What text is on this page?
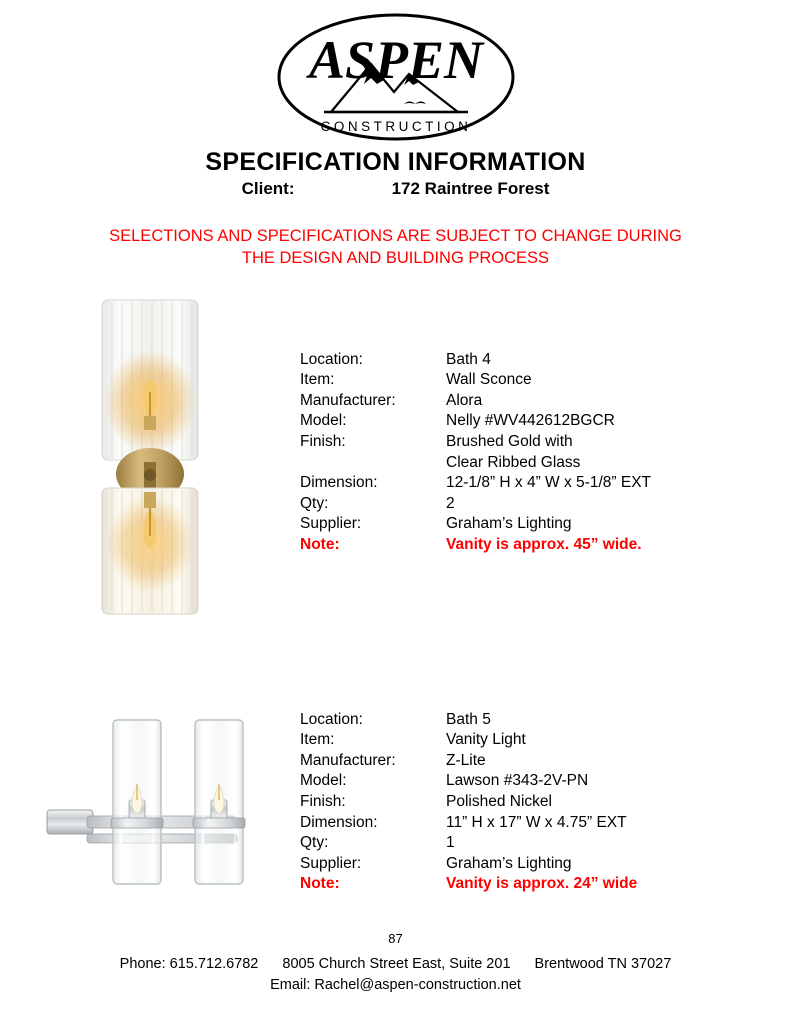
ASPEN
CONSTRUCTION
SPECIFICATION INFORMATION
Client:	172 Raintree Forest
SELECTIONS AND SPECIFICATIONS ARE SUBJECT TO CHANGE DURING
THE DESIGN AND BUILDING PROCESS
Location:	Bath 4
Item:	Wall Sconce
Manufacturer:	Alora
Model:	Nelly #WV442612BGCR
Finish:	Brushed Gold with
	Clear Ribbed Glass
Dimension:	12-1/8” H x 4” W x 5-1/8” EXT
Qty:	2
Supplier:	Graham’s Lighting
Note:	Vanity is approx. 45” wide.
Location:	Bath 5
Item:	Vanity Light
Manufacturer:	Z-Lite
Model:	Lawson #343-2V-PN
Finish:	Polished Nickel
Dimension:	11” H x 17” W x 4.75” EXT
Qty:	1
Supplier:	Graham’s Lighting
Note:	Vanity is approx. 24” wide
87
Phone: 615.712.6782 8005 Church Street East, Suite 201 Brentwood TN 37027
Email: Rachel@aspen-construction.net
